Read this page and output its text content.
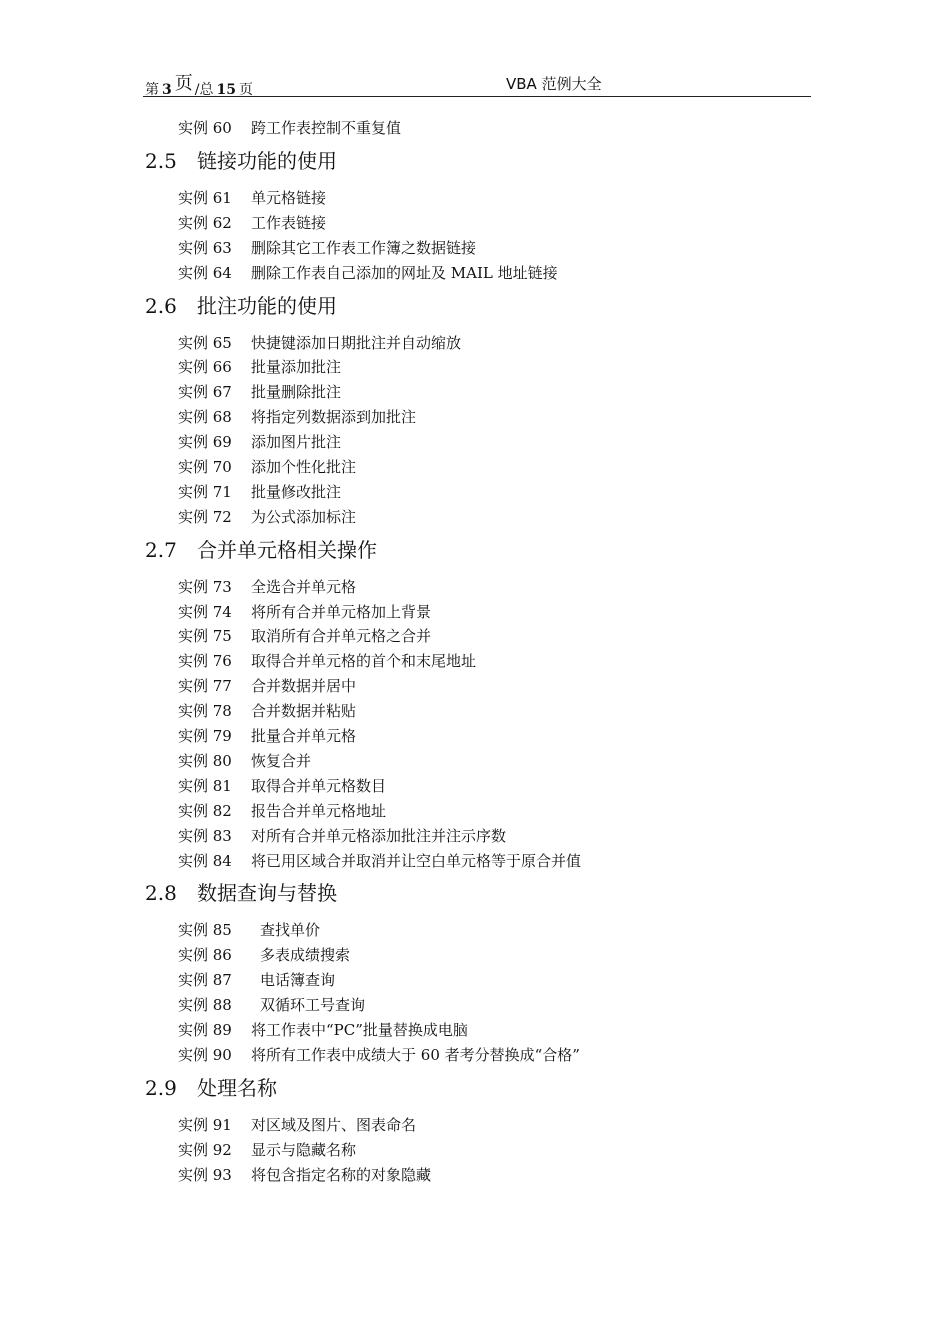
第 3 页 /总 15 页	VBA 范例大全
实例 60 跨工作表控制不重复值
2.5 链接功能的使用
实例 61 单元格链接
实例 62 工作表链接
实例 63 删除其它工作表工作簿之数据链接
实例 64 删除工作表自己添加的网址及 MAIL 地址链接
2.6 批注功能的使用
实例 65 快捷键添加日期批注并自动缩放
实例 66 批量添加批注
实例 67 批量删除批注
实例 68 将指定列数据添到加批注
实例 69 添加图片批注
实例 70 添加个性化批注
实例 71 批量修改批注
实例 72 为公式添加标注
2.7 合并单元格相关操作
实例 73 全选合并单元格
实例 74 将所有合并单元格加上背景
实例 75 取消所有合并单元格之合并
实例 76 取得合并单元格的首个和末尾地址
实例 77 合并数据并居中
实例 78 合并数据并粘贴
实例 79 批量合并单元格
实例 80 恢复合并
实例 81 取得合并单元格数目
实例 82 报告合并单元格地址
实例 83 对所有合并单元格添加批注并注示序数
实例 84 将已用区域合并取消并让空白单元格等于原合并值
2.8 数据查询与替换
实例 85 查找单价
实例 86 多表成绩搜索
实例 87 电话簿查询
实例 88 双循环工号查询
实例 89 将工作表中“PC”批量替换成电脑
实例 90 将所有工作表中成绩大于 60 者考分替换成“合格”
2.9 处理名称
实例 91 对区域及图片、图表命名
实例 92 显示与隐藏名称
实例 93 将包含指定名称的对象隐藏
